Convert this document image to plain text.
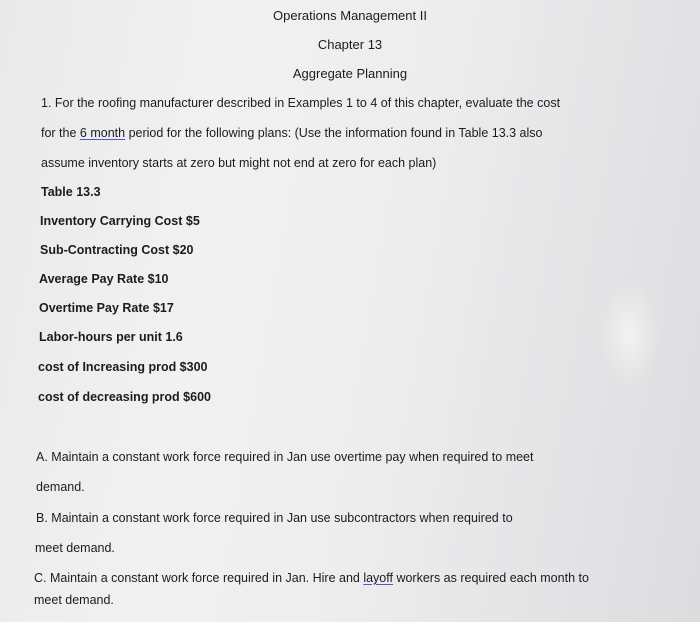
Operations Management II
Chapter 13
Aggregate Planning
1. For the roofing manufacturer described in Examples 1 to 4 of this chapter, evaluate the cost
for the 6 month period for the following plans: (Use the information found in Table 13.3 also
assume inventory starts at zero but might not end at zero for each plan)
Table 13.3
Inventory Carrying Cost $5
Sub-Contracting Cost $20
Average Pay Rate $10
Overtime Pay Rate $17
Labor-hours per unit 1.6
cost of Increasing prod $300
cost of decreasing prod $600
A. Maintain a constant work force required in Jan use overtime pay when required to meet
demand.
B. Maintain a constant work force required in Jan use subcontractors when required to
meet demand.
C. Maintain a constant work force required in Jan. Hire and layoff workers as required each month to
meet demand.
